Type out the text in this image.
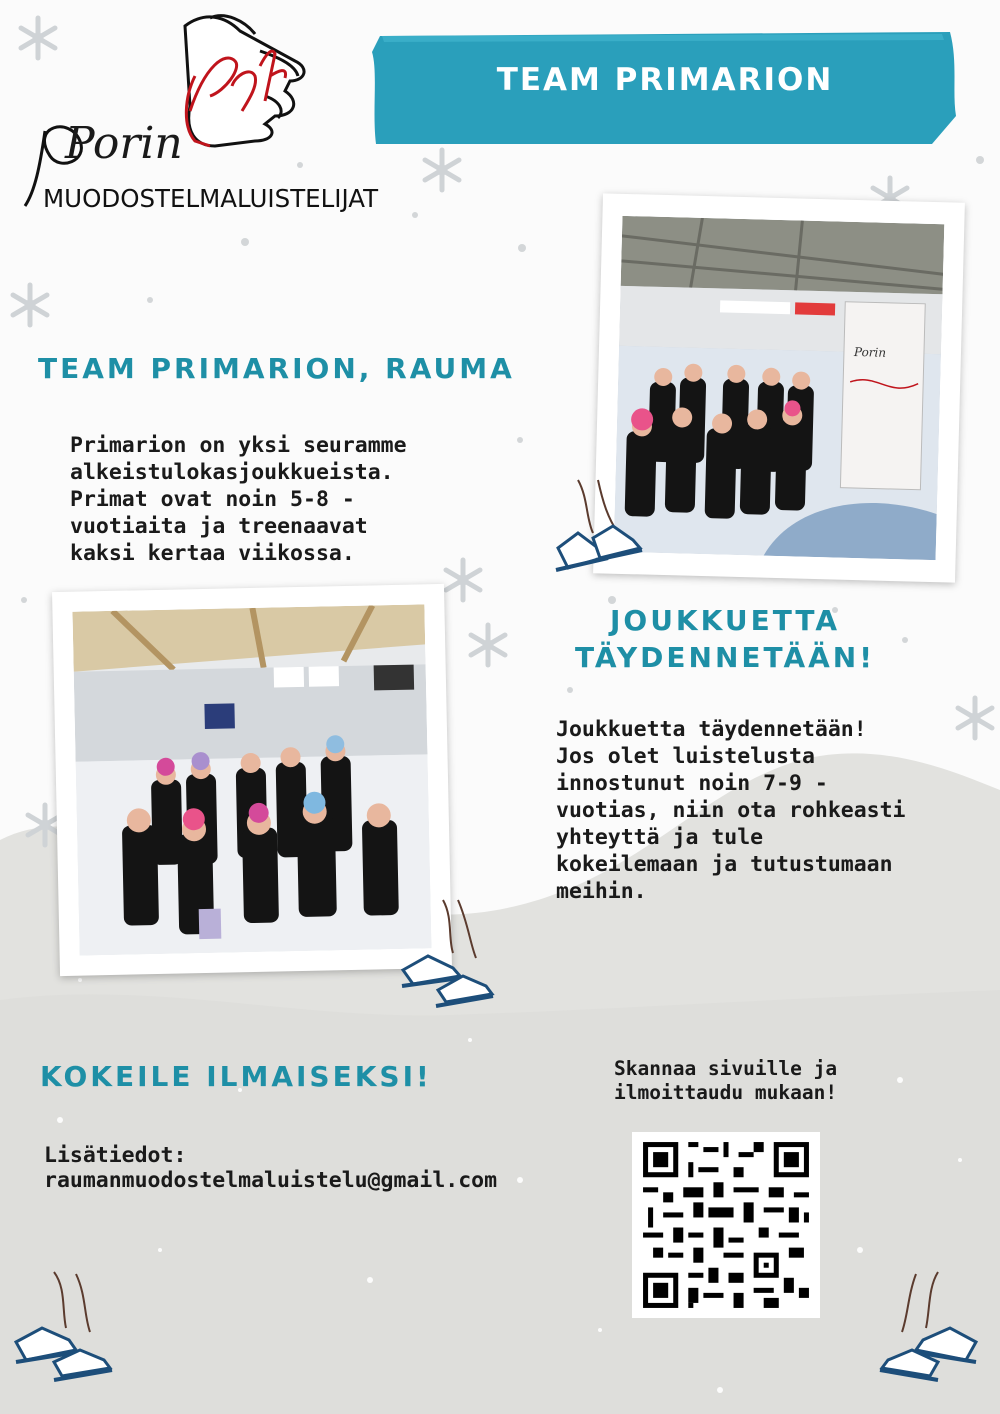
Porin
MUODOSTELMALUISTELIJAT
TEAM PRIMARION
TEAM PRIMARION, RAUMA
Primarion on yksi seuramme
alkeistulokasjoukkueista.
Primat ovat noin 5-8 -
vuotiaita ja treenaavat
kaksi kertaa viikossa.
Porin
JOUKKUETTA
TÄYDENNETÄÄN!
Joukkuetta täydennetään!
Jos olet luistelusta
innostunut noin 7-9 -
vuotias, niin ota rohkeasti
yhteyttä ja tule
kokeilemaan ja tutustumaan
meihin.
KOKEILE ILMAISEKSI!
Lisätiedot:
raumanmuodostelmaluistelu@gmail.com
Skannaa sivuille ja
ilmoittaudu mukaan!
